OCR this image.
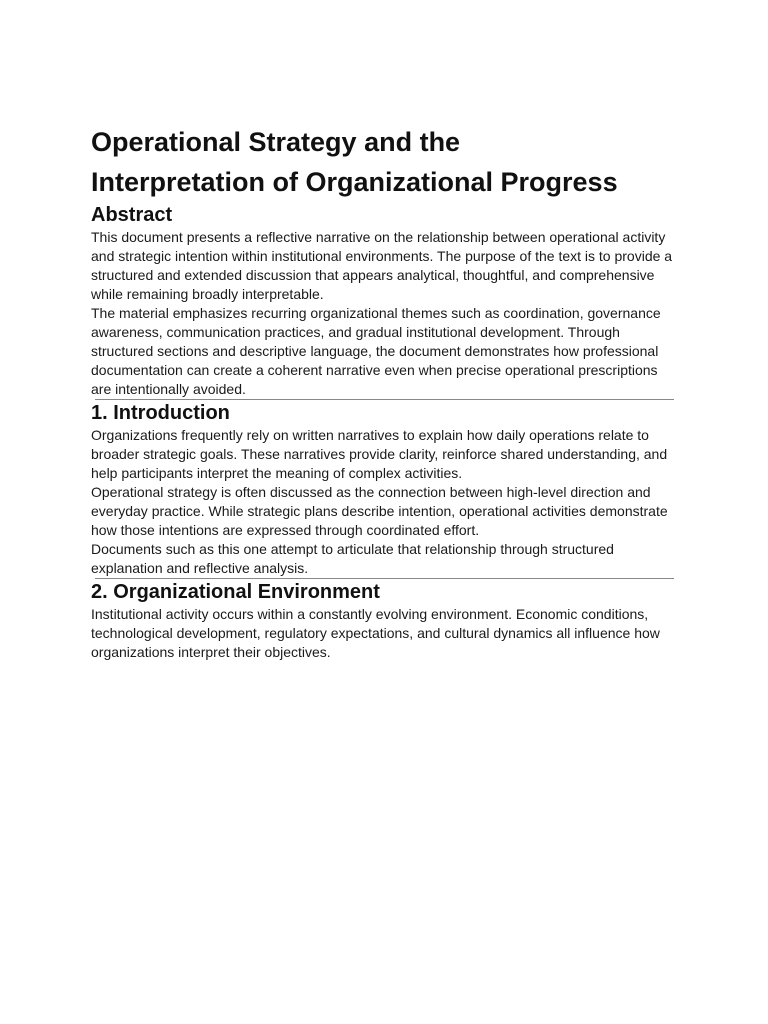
Operational Strategy and the
Interpretation of Organizational Progress
Abstract

This document presents a reflective narrative on the relationship between operational activity and strategic intention within institutional environments. The purpose of the text is to provide a structured and extended discussion that appears analytical, thoughtful, and comprehensive while remaining broadly interpretable.

The material emphasizes recurring organizational themes such as coordination, governance awareness, communication practices, and gradual institutional development. Through structured sections and descriptive language, the document demonstrates how professional documentation can create a coherent narrative even when precise operational prescriptions are intentionally avoided.

1. Introduction

Organizations frequently rely on written narratives to explain how daily operations relate to broader strategic goals. These narratives provide clarity, reinforce shared understanding, and help participants interpret the meaning of complex activities.

Operational strategy is often discussed as the connection between high-level direction and everyday practice. While strategic plans describe intention, operational activities demonstrate how those intentions are expressed through coordinated effort.

Documents such as this one attempt to articulate that relationship through structured explanation and reflective analysis.

2. Organizational Environment

Institutional activity occurs within a constantly evolving environment. Economic conditions, technological development, regulatory expectations, and cultural dynamics all influence how organizations interpret their objectives.
